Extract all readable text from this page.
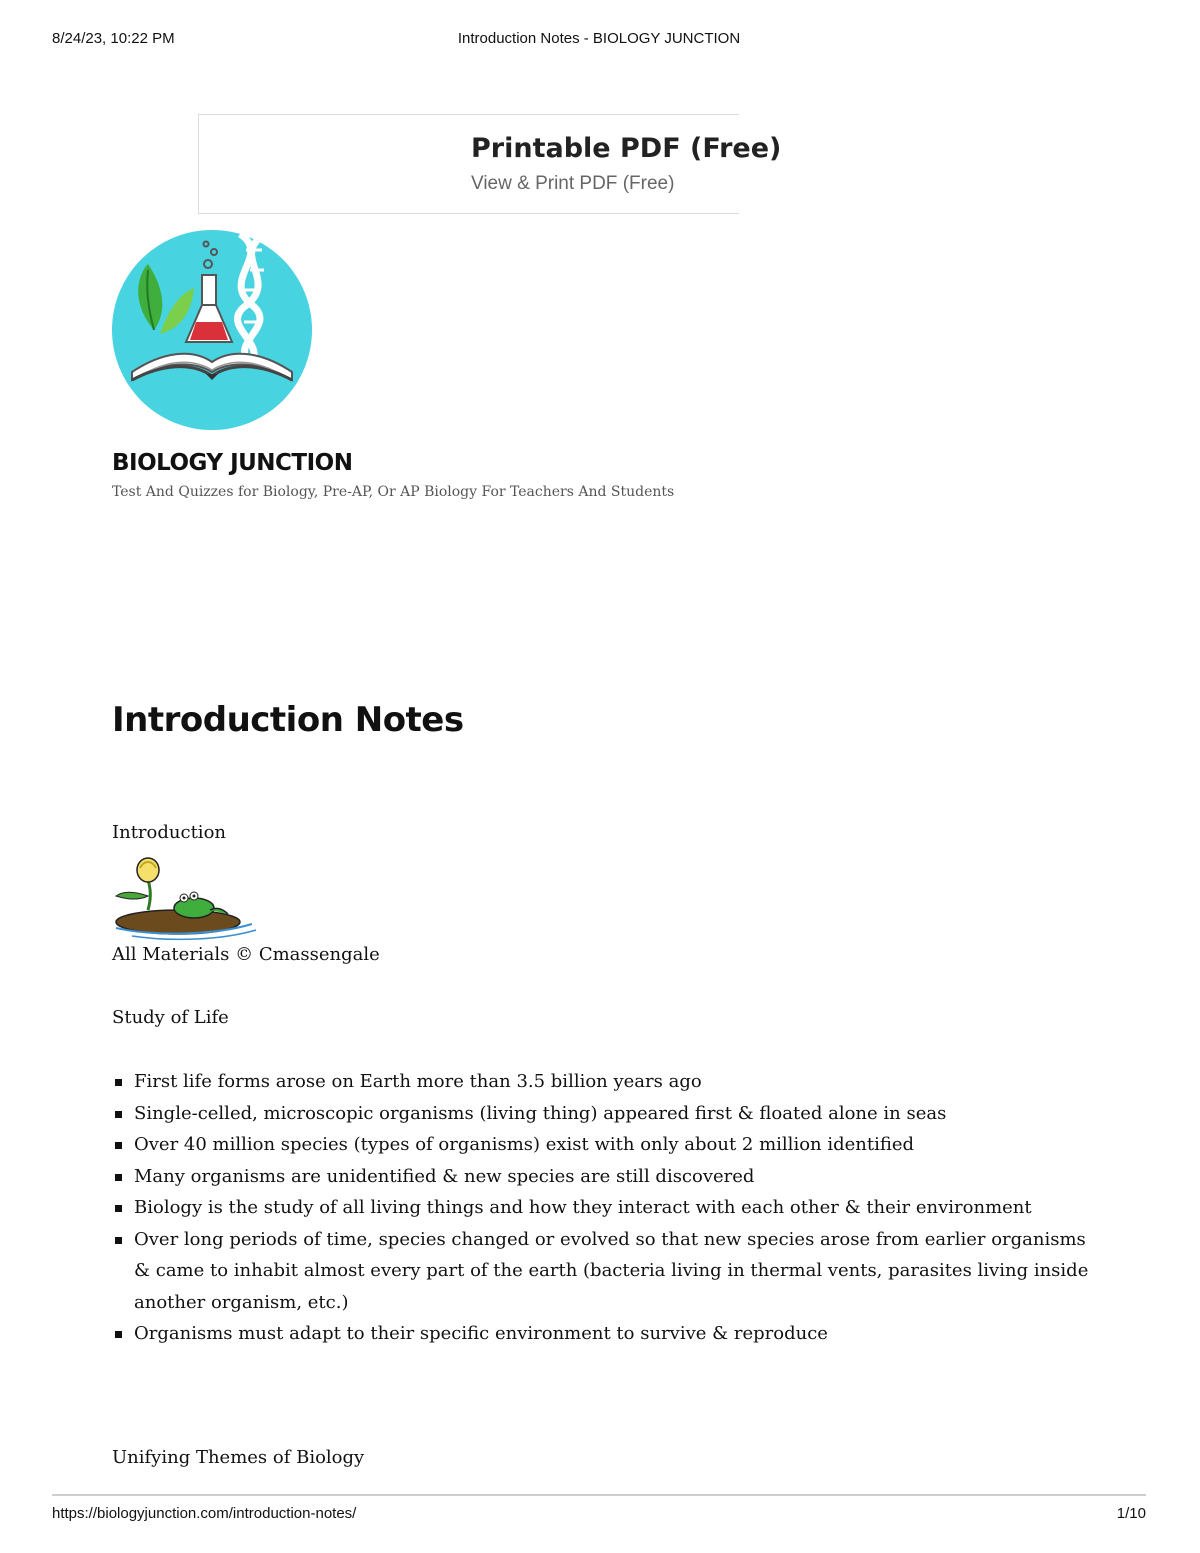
8/24/23, 10:22 PM	Introduction Notes - BIOLOGY JUNCTION
Printable PDF (Free)
View & Print PDF (Free)
BIOLOGY JUNCTION
Test And Quizzes for Biology, Pre-AP, Or AP Biology For Teachers And Students
Introduction Notes
Introduction
All Materials © Cmassengale
Study of Life
First life forms arose on Earth more than 3.5 billion years ago
Single-celled, microscopic organisms (living thing) appeared first & floated alone in seas
Over 40 million species (types of organisms) exist with only about 2 million identified
Many organisms are unidentified & new species are still discovered
Biology is the study of all living things and how they interact with each other & their environment
Over long periods of time, species changed or evolved so that new species arose from earlier organisms & came to inhabit almost every part of the earth (bacteria living in thermal vents, parasites living inside another organism, etc.)
Organisms must adapt to their specific environment to survive & reproduce
Unifying Themes of Biology
https://biologyjunction.com/introduction-notes/	1/10
